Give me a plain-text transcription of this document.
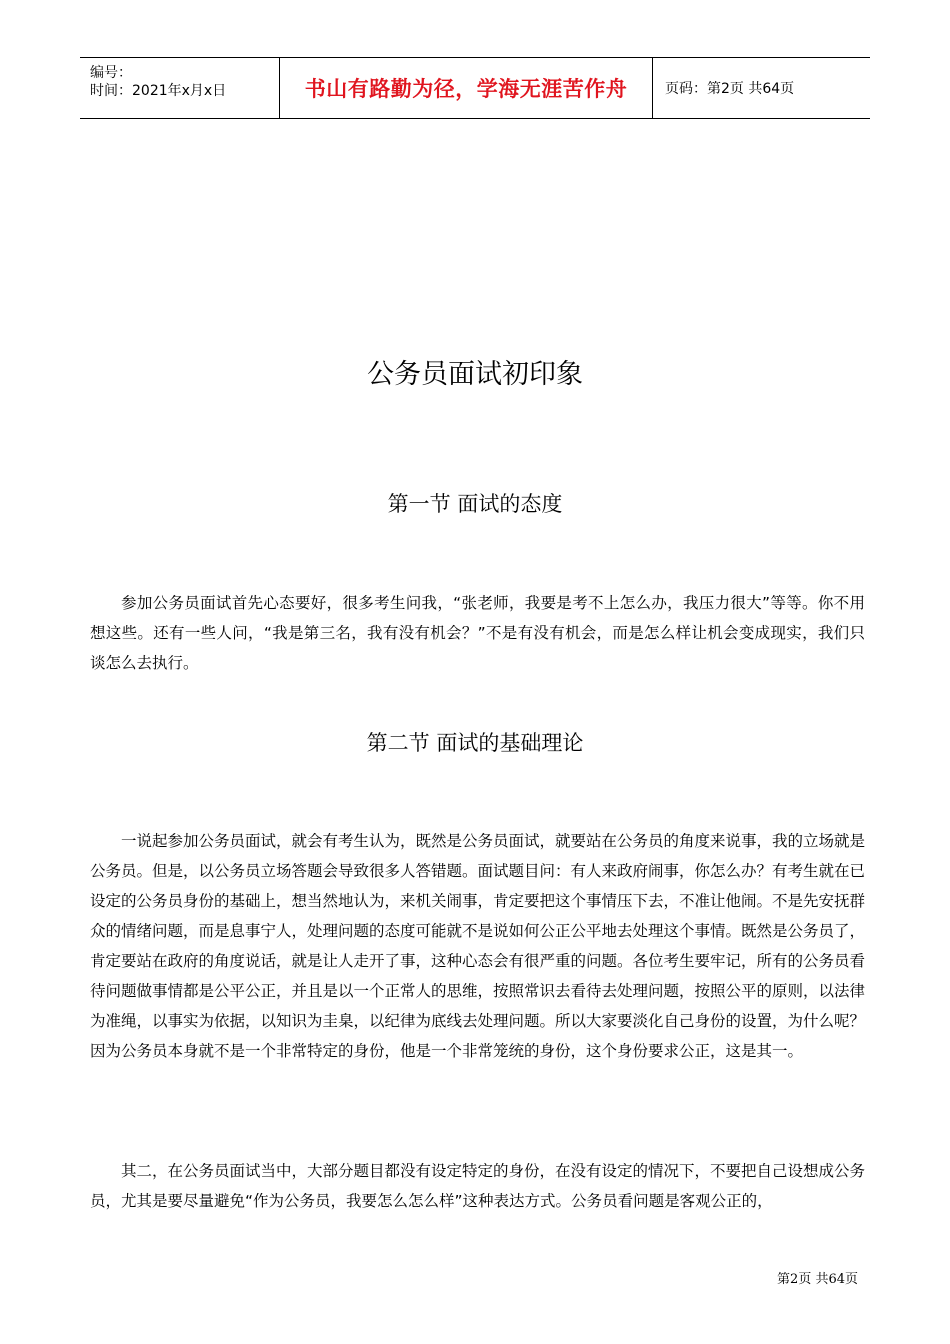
编号：
时间：2021年x月x日	书山有路勤为径，学海无涯苦作舟	页码：第2页 共64页
公务员面试初印象
第一节 面试的态度
参加公务员面试首先心态要好，很多考生问我，“张老师，我要是考不上怎么办，我压力很大”等等。你不用想这些。还有一些人问，“我是第三名，我有没有机会？”不是有没有机会，而是怎么样让机会变成现实，我们只谈怎么去执行。
第二节 面试的基础理论
一说起参加公务员面试，就会有考生认为，既然是公务员面试，就要站在公务员的角度来说事，我的立场就是公务员。但是，以公务员立场答题会导致很多人答错题。面试题目问：有人来政府闹事，你怎么办？有考生就在已设定的公务员身份的基础上，想当然地认为，来机关闹事，肯定要把这个事情压下去，不准让他闹。不是先安抚群众的情绪问题，而是息事宁人，处理问题的态度可能就不是说如何公正公平地去处理这个事情。既然是公务员了，肯定要站在政府的角度说话，就是让人走开了事，这种心态会有很严重的问题。各位考生要牢记，所有的公务员看待问题做事情都是公平公正，并且是以一个正常人的思维，按照常识去看待去处理问题，按照公平的原则，以法律为准绳，以事实为依据，以知识为圭臬，以纪律为底线去处理问题。所以大家要淡化自己身份的设置，为什么呢？因为公务员本身就不是一个非常特定的身份，他是一个非常笼统的身份，这个身份要求公正，这是其一。
其二，在公务员面试当中，大部分题目都没有设定特定的身份，在没有设定的情况下，不要把自己设想成公务员，尤其是要尽量避免“作为公务员，我要怎么怎么样”这种表达方式。公务员看问题是客观公正的，
第2页 共64页
